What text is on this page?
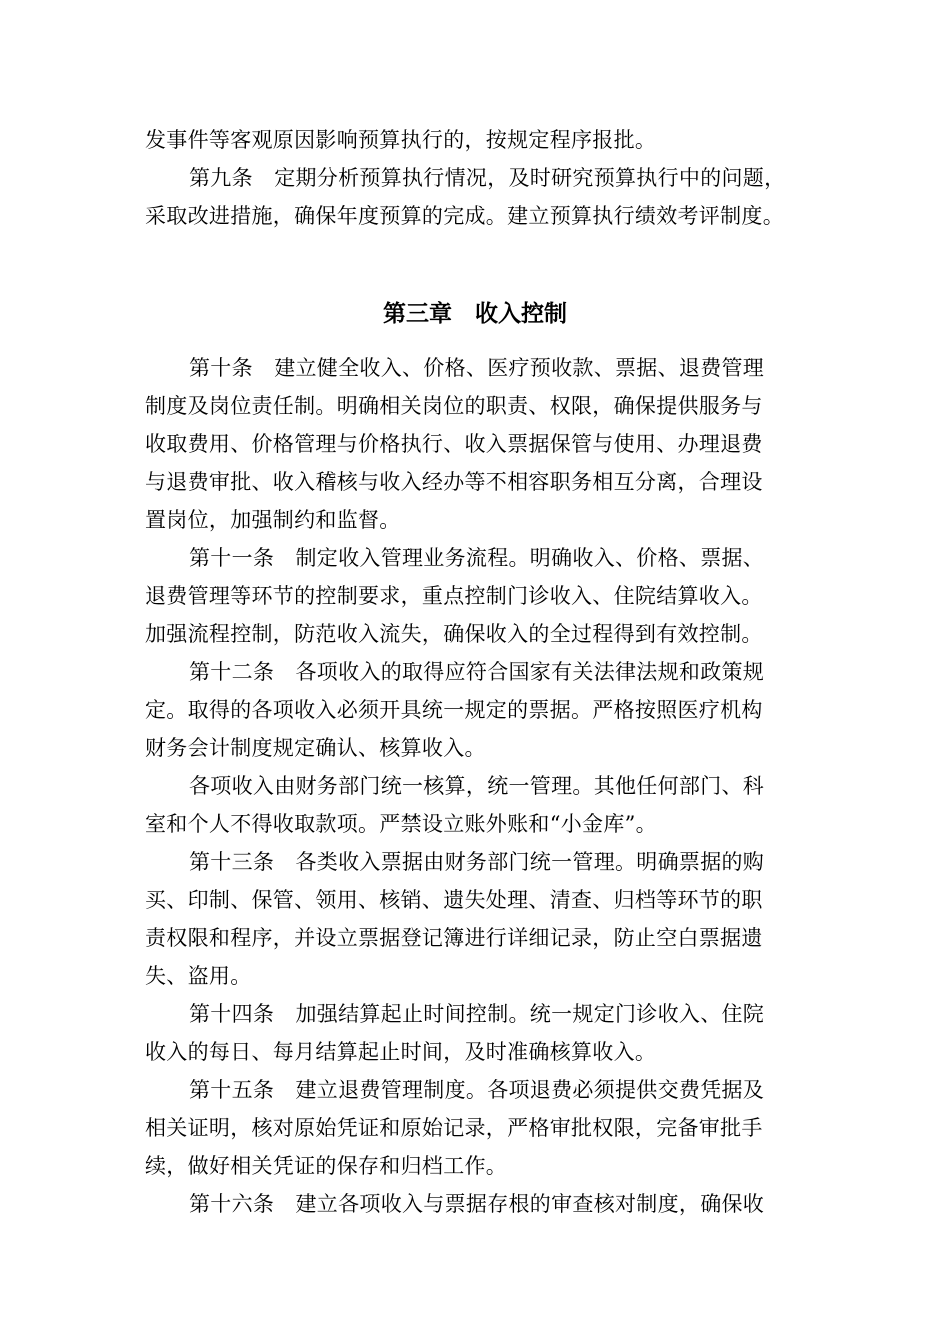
发事件等客观原因影响预算执行的，按规定程序报批。
第九条　定期分析预算执行情况，及时研究预算执行中的问题，
采取改进措施，确保年度预算的完成。建立预算执行绩效考评制度。
第三章　收入控制
第十条　建立健全收入、价格、医疗预收款、票据、退费管理
制度及岗位责任制。明确相关岗位的职责、权限，确保提供服务与
收取费用、价格管理与价格执行、收入票据保管与使用、办理退费
与退费审批、收入稽核与收入经办等不相容职务相互分离，合理设
置岗位，加强制约和监督。
第十一条　制定收入管理业务流程。明确收入、价格、票据、
退费管理等环节的控制要求，重点控制门诊收入、住院结算收入。
加强流程控制，防范收入流失，确保收入的全过程得到有效控制。
第十二条　各项收入的取得应符合国家有关法律法规和政策规
定。取得的各项收入必须开具统一规定的票据。严格按照医疗机构
财务会计制度规定确认、核算收入。
各项收入由财务部门统一核算，统一管理。其他任何部门、科
室和个人不得收取款项。严禁设立账外账和“小金库”。
第十三条　各类收入票据由财务部门统一管理。明确票据的购
买、印制、保管、领用、核销、遗失处理、清查、归档等环节的职
责权限和程序，并设立票据登记簿进行详细记录，防止空白票据遗
失、盗用。
第十四条　加强结算起止时间控制。统一规定门诊收入、住院
收入的每日、每月结算起止时间，及时准确核算收入。
第十五条　建立退费管理制度。各项退费必须提供交费凭据及
相关证明，核对原始凭证和原始记录，严格审批权限，完备审批手
续，做好相关凭证的保存和归档工作。
第十六条　建立各项收入与票据存根的审查核对制度，确保收
